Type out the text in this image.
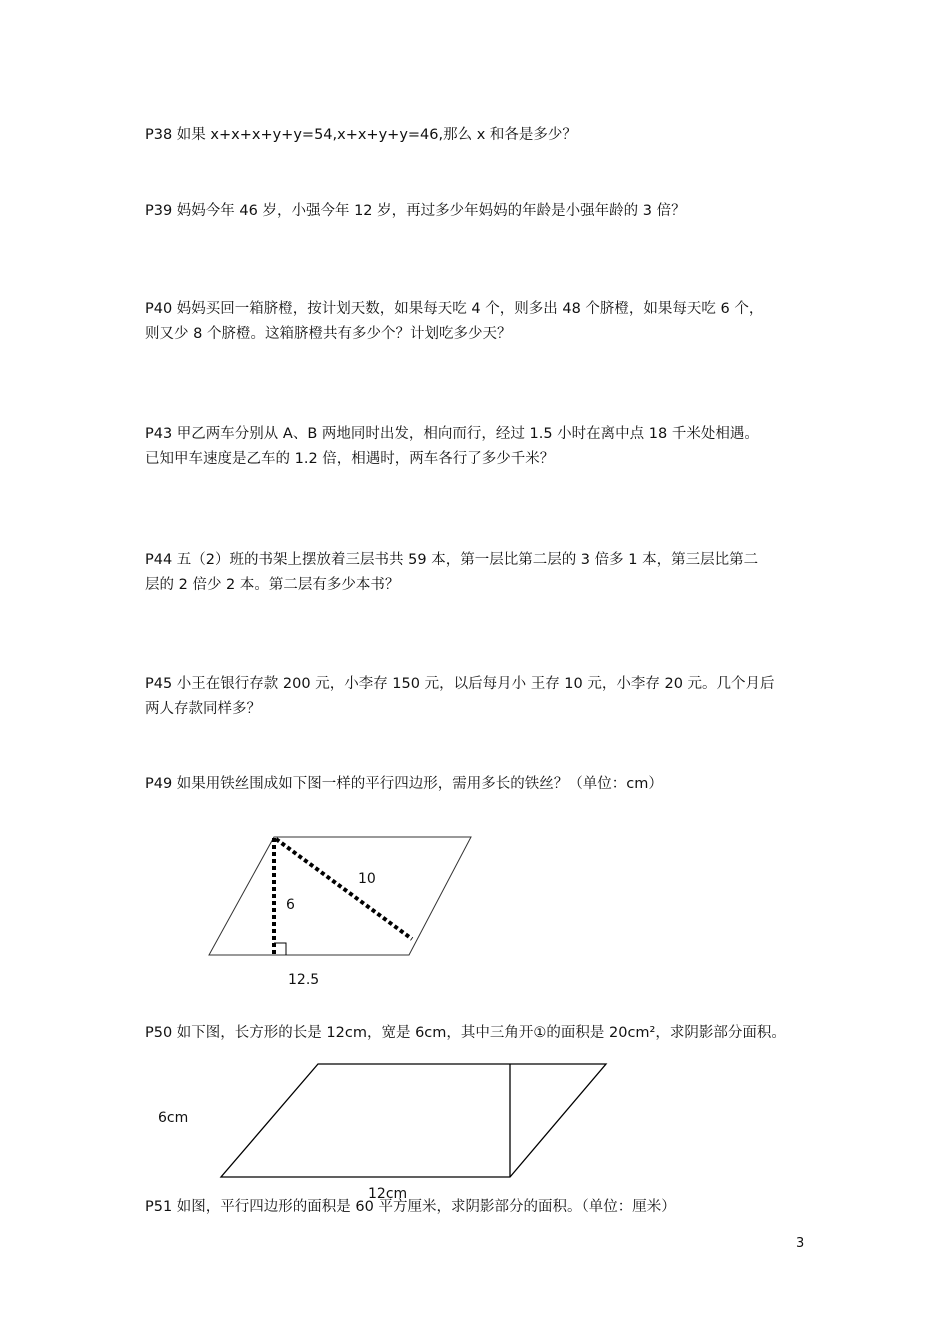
P38 如果 x+x+x+y+y=54,x+x+y+y=46,那么 x 和各是多少？

P39 妈妈今年 46 岁，小强今年 12 岁，再过多少年妈妈的年龄是小强年龄的 3 倍？

P40 妈妈买回一箱脐橙，按计划天数，如果每天吃 4 个，则多出 48 个脐橙，如果每天吃 6 个，

则又少 8 个脐橙。这箱脐橙共有多少个？计划吃多少天？

P43 甲乙两车分别从 A、B 两地同时出发，相向而行，经过 1.5 小时在离中点 18 千米处相遇。

已知甲车速度是乙车的 1.2 倍，相遇时，两车各行了多少千米？

P44 五（2）班的书架上摆放着三层书共 59 本，第一层比第二层的 3 倍多 1 本，第三层比第二

层的 2 倍少 2 本。第二层有多少本书？

P45 小王在银行存款 200 元，小李存 150 元，以后每月小 王存 10 元，小李存 20 元。几个月后

两人存款同样多？

P49 如果用铁丝围成如下图一样的平行四边形，需用多长的铁丝？（单位：cm）

10
6
12.5

P50 如下图，长方形的长是 12cm，宽是 6cm，其中三角开①的面积是 20cm²，求阴影部分面积。

6cm
12cm

P51 如图，平行四边形的面积是 60 平方厘米，求阴影部分的面积。（单位：厘米）

3
